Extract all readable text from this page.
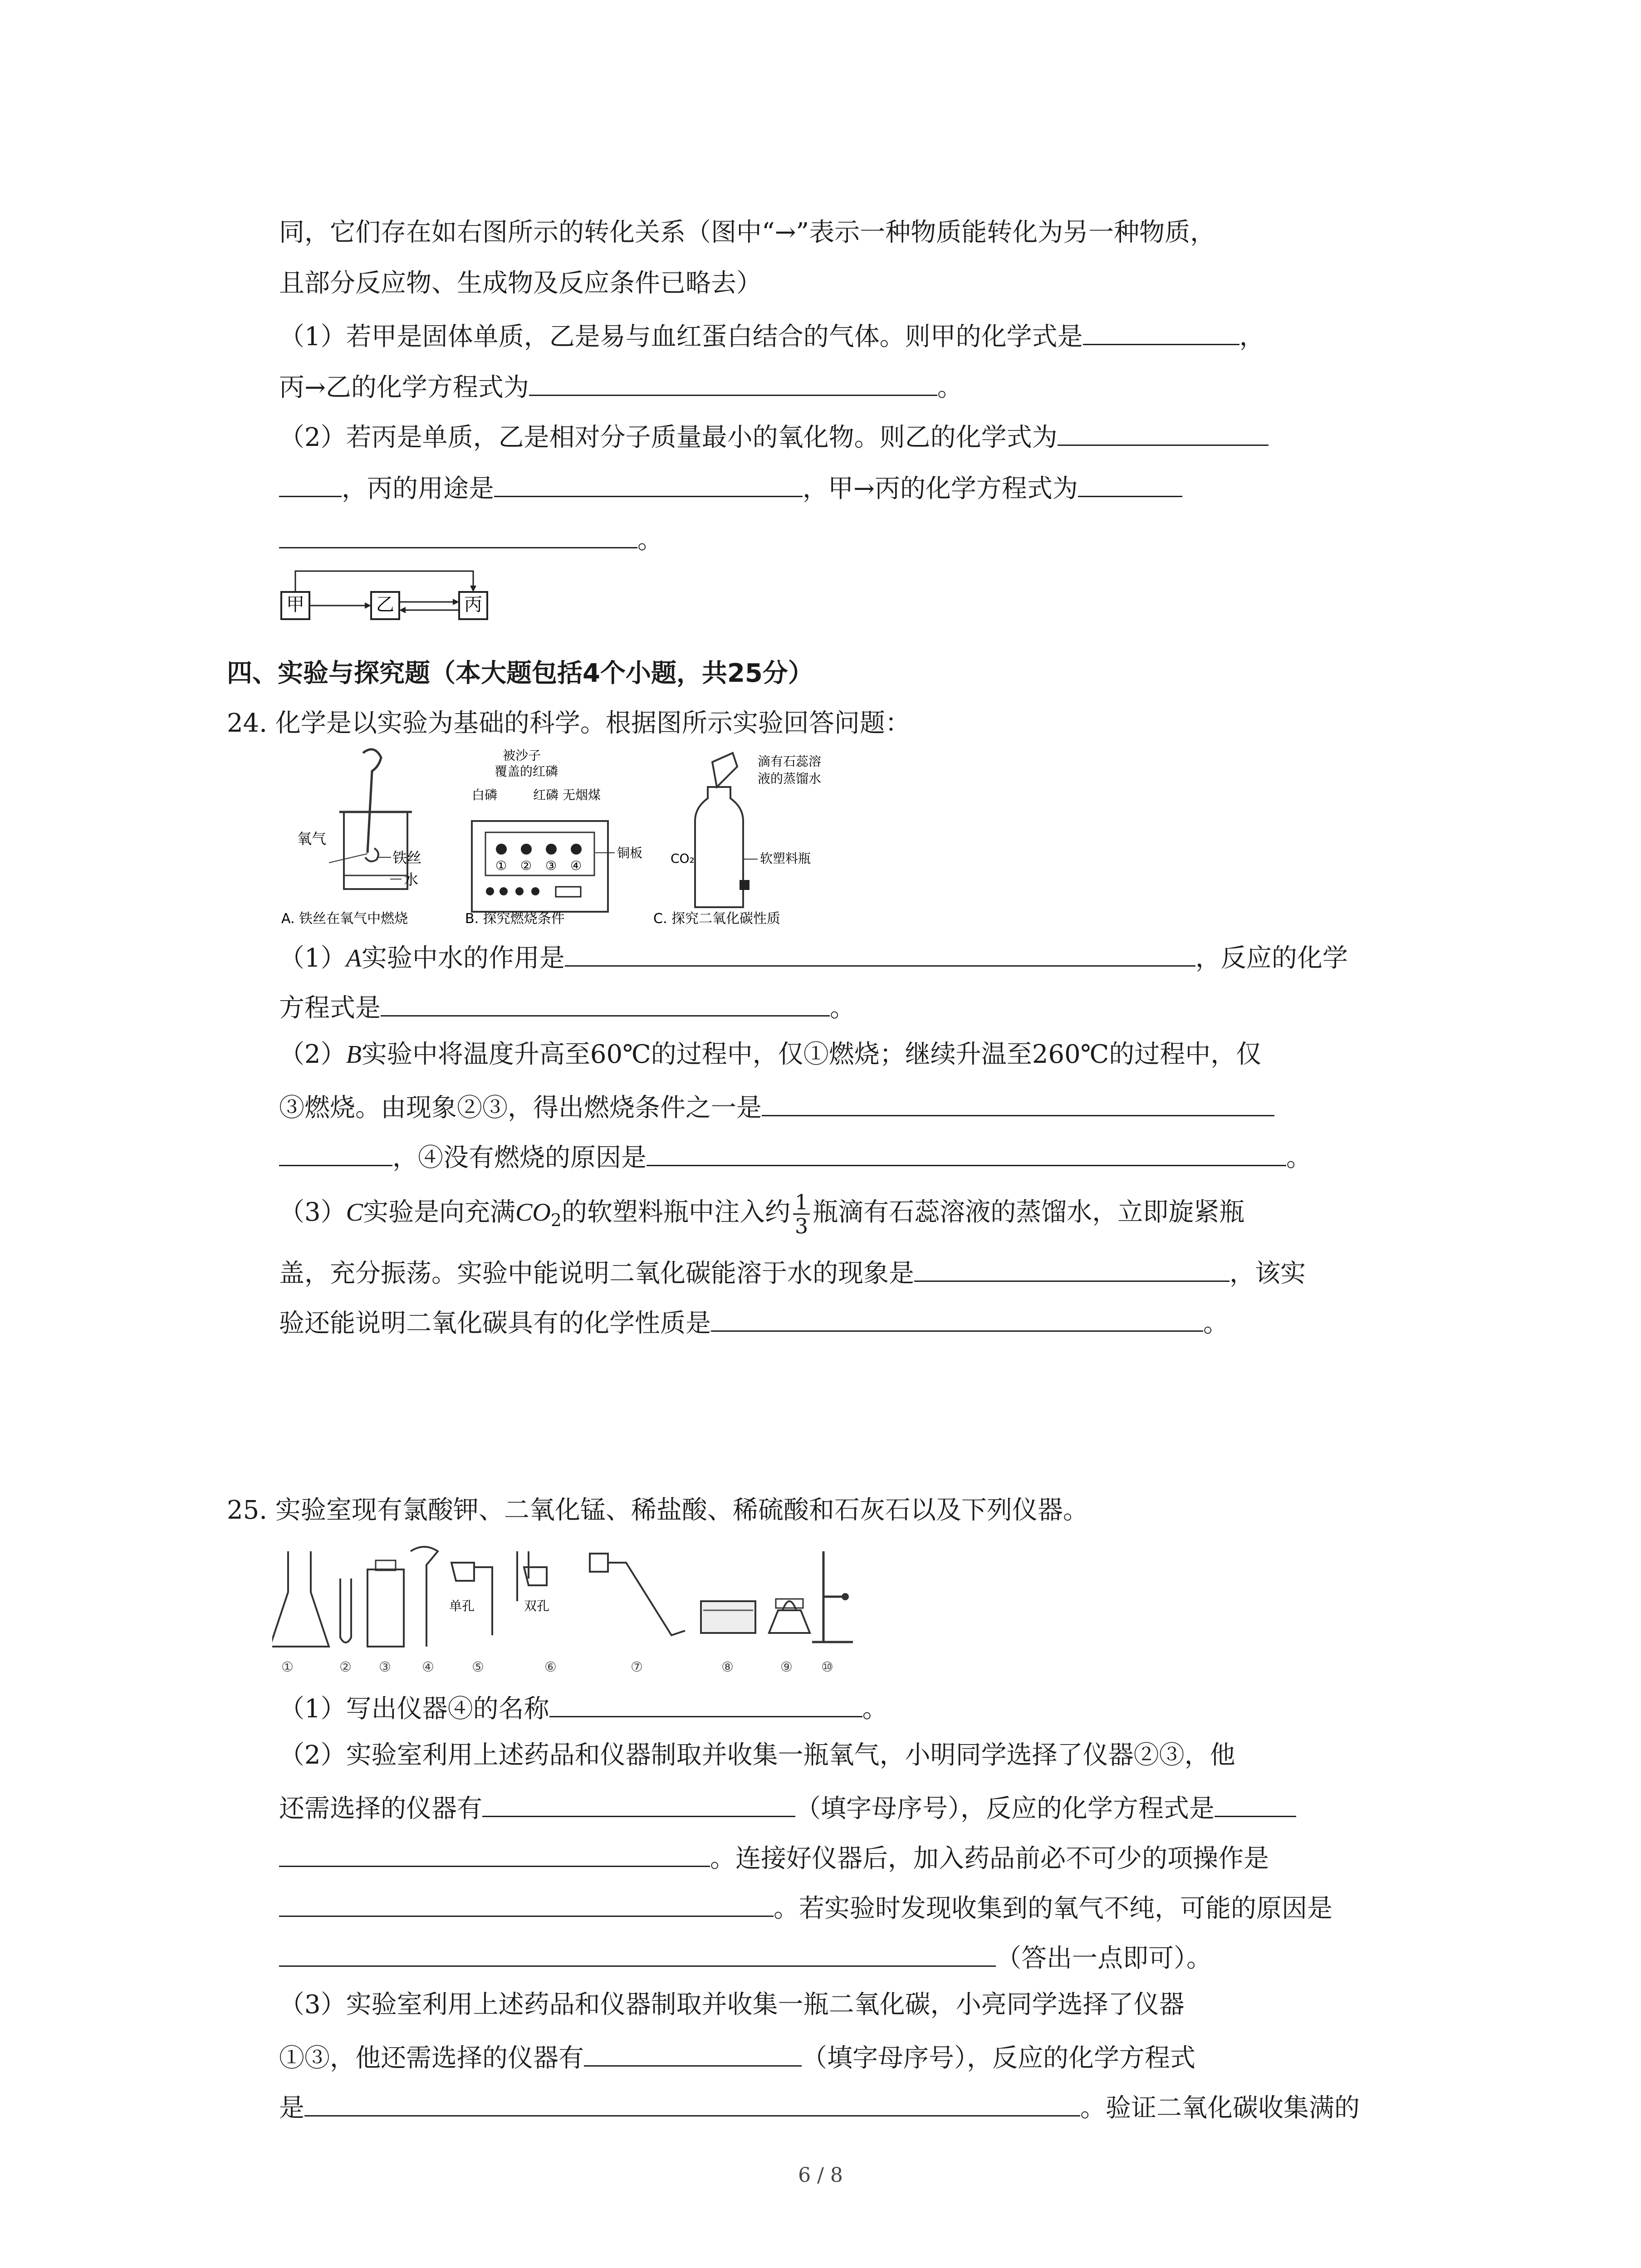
同，它们存在如右图所示的转化关系（图中“→”表示一种物质能转化为另一种物质，
且部分反应物、生成物及反应条件已略去）
（1）若甲是固体单质，乙是易与血红蛋白结合的气体。则甲的化学式是	，
丙→乙的化学方程式为	。
（2）若丙是单质，乙是相对分子质量最小的氧化物。则乙的化学式为
，丙的用途是	，甲→丙的化学方程式为
。
甲	乙	丙
四、实验与探究题（本大题包括4个小题，共25分）
24. 化学是以实验为基础的科学。根据图所示实验回答问题：
氧气
铁丝
水
A. 铁丝在氧气中燃烧
① ② ③ ④
被沙子
覆盖的红磷
白磷	红磷 无烟煤
铜板
B. 探究燃烧条件
滴有石蕊溶
液的蒸馏水
CO₂	软塑料瓶
C. 探究二氧化碳性质
（1）A实验中水的作用是	，反应的化学
方程式是	。
（2）B实验中将温度升高至60℃的过程中，仅①燃烧；继续升温至260℃的过程中，仅
③燃烧。由现象②③，得出燃烧条件之一是
，④没有燃烧的原因是	。
（3）C实验是向充满$CO_2$的软塑料瓶中注入约 $\frac{1}{3}$ 瓶滴有石蕊溶液的蒸馏水，立即旋紧瓶
盖，充分振荡。实验中能说明二氧化碳能溶于水的现象是	，该实
验还能说明二氧化碳具有的化学性质是	。
25. 实验室现有氯酸钾、二氧化锰、稀盐酸、稀硫酸和石灰石以及下列仪器。
单孔	双孔
①	② ③ ④	⑤	⑥	⑦	⑧	⑨ ⑩
（1）写出仪器④的名称	。
（2）实验室利用上述药品和仪器制取并收集一瓶氧气，小明同学选择了仪器②③，他
还需选择的仪器有	（填字母序号），反应的化学方程式是
。连接好仪器后，加入药品前必不可少的项操作是
。若实验时发现收集到的氧气不纯，可能的原因是
（答出一点即可）。
（3）实验室利用上述药品和仪器制取并收集一瓶二氧化碳，小亮同学选择了仪器
①③，他还需选择的仪器有	（填字母序号），反应的化学方程式
是	。验证二氧化碳收集满的
6 / 8
